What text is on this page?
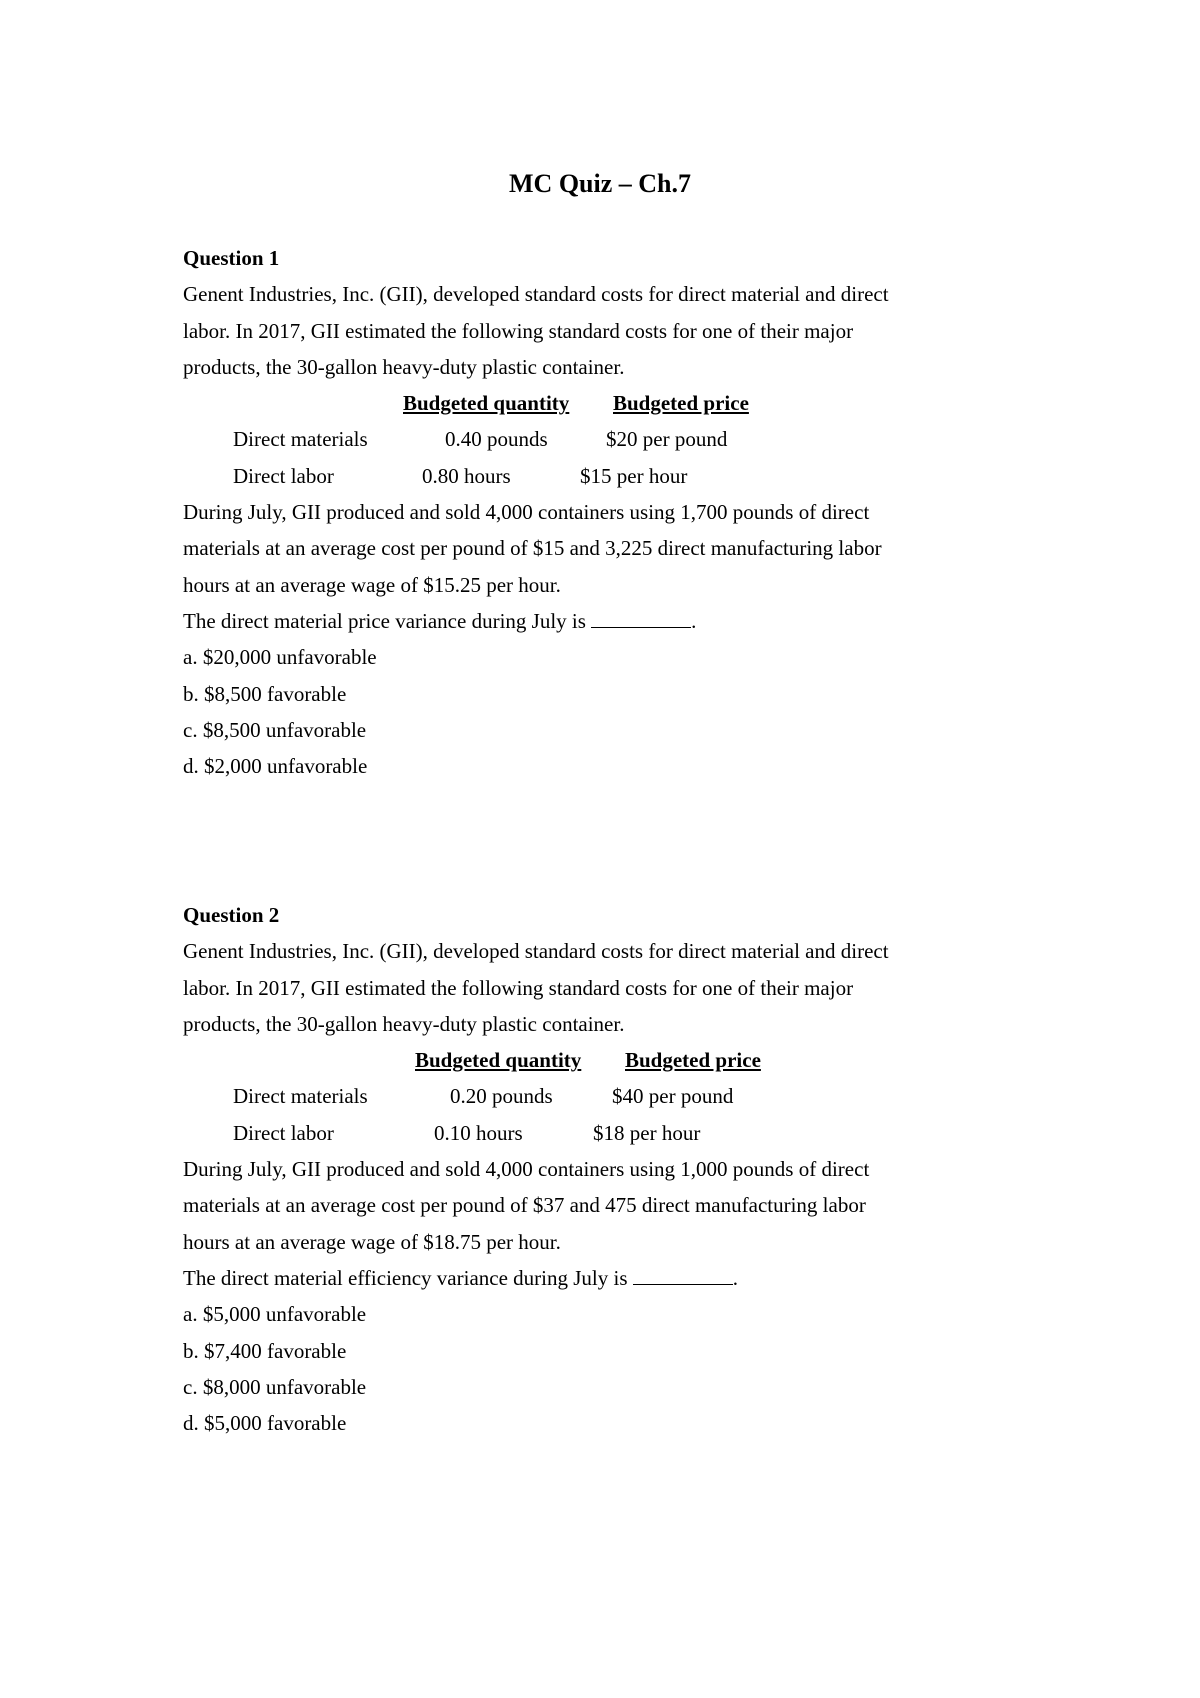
MC Quiz – Ch.7
Question 1
Genent Industries, Inc. (GII), developed standard costs for direct material and direct
labor. In 2017, GII estimated the following standard costs for one of their major
products, the 30-gallon heavy-duty plastic container.
Budgeted quantity Budgeted price
Direct materials	0.40 pounds	$20 per pound
Direct labor	0.80 hours	$15 per hour
During July, GII produced and sold 4,000 containers using 1,700 pounds of direct
materials at an average cost per pound of $15 and 3,225 direct manufacturing labor
hours at an average wage of $15.25 per hour.
The direct material price variance during July is	.
a. $20,000 unfavorable
b. $8,500 favorable
c. $8,500 unfavorable
d. $2,000 unfavorable
Question 2
Genent Industries, Inc. (GII), developed standard costs for direct material and direct
labor. In 2017, GII estimated the following standard costs for one of their major
products, the 30-gallon heavy-duty plastic container.
Budgeted quantity Budgeted price
Direct materials	0.20 pounds	$40 per pound
Direct labor	0.10 hours	$18 per hour
During July, GII produced and sold 4,000 containers using 1,000 pounds of direct
materials at an average cost per pound of $37 and 475 direct manufacturing labor
hours at an average wage of $18.75 per hour.
The direct material efficiency variance during July is	.
a. $5,000 unfavorable
b. $7,400 favorable
c. $8,000 unfavorable
d. $5,000 favorable
